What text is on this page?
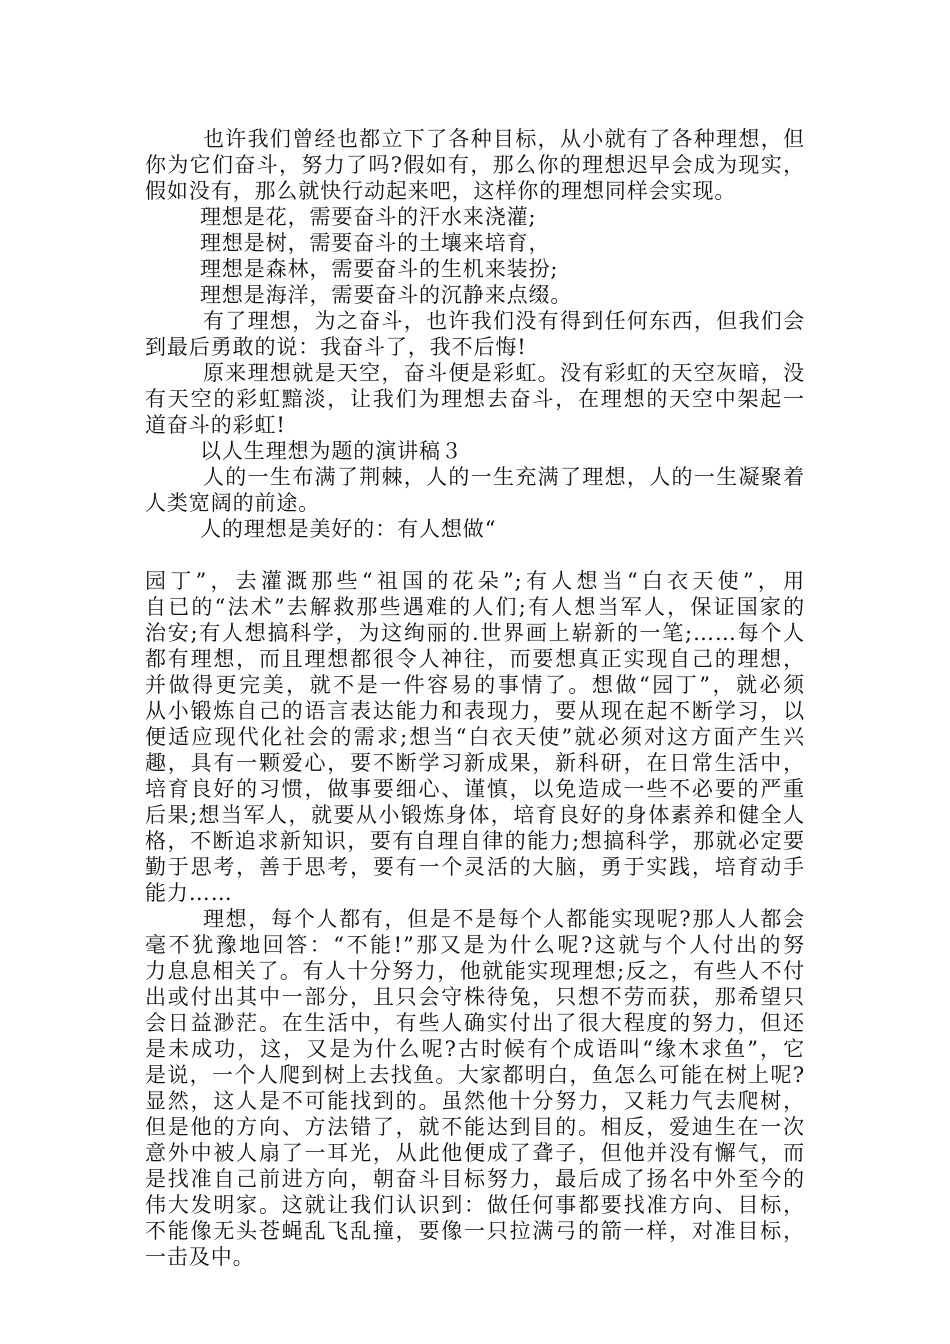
也许我们曾经也都立下了各种目标，从小就有了各种理想，但
你为它们奋斗，努力了吗?假如有，那么你的理想迟早会成为现实，
假如没有，那么就快行动起来吧，这样你的理想同样会实现。
理想是花，需要奋斗的汗水来浇灌;
理想是树，需要奋斗的土壤来培育，
理想是森林，需要奋斗的生机来装扮;
理想是海洋，需要奋斗的沉静来点缀。
有了理想，为之奋斗，也许我们没有得到任何东西，但我们会
到最后勇敢的说：我奋斗了，我不后悔!
原来理想就是天空，奋斗便是彩虹。没有彩虹的天空灰暗，没
有天空的彩虹黯淡，让我们为理想去奋斗，在理想的天空中架起一
道奋斗的彩虹!
以人生理想为题的演讲稿３
人的一生布满了荆棘，人的一生充满了理想，人的一生凝聚着
人类宽阔的前途。
人的理想是美好的：有人想做“
园丁”，去灌溉那些“祖国的花朵”;有人想当“白衣天使”，用
自已的“法术”去解救那些遇难的人们;有人想当军人，保证国家的
治安;有人想搞科学，为这绚丽的.世界画上崭新的一笔;……每个人
都有理想，而且理想都很令人神往，而要想真正实现自己的理想，
并做得更完美，就不是一件容易的事情了。想做“园丁”，就必须
从小锻炼自己的语言表达能力和表现力，要从现在起不断学习，以
便适应现代化社会的需求;想当“白衣天使”就必须对这方面产生兴
趣，具有一颗爱心，要不断学习新成果，新科研，在日常生活中，
培育良好的习惯，做事要细心、谨慎，以免造成一些不必要的严重
后果;想当军人，就要从小锻炼身体，培育良好的身体素养和健全人
格，不断追求新知识，要有自理自律的能力;想搞科学，那就必定要
勤于思考，善于思考，要有一个灵活的大脑，勇于实践，培育动手
能力……
理想，每个人都有，但是不是每个人都能实现呢?那人人都会
毫不犹豫地回答：“不能!”那又是为什么呢?这就与个人付出的努
力息息相关了。有人十分努力，他就能实现理想;反之，有些人不付
出或付出其中一部分，且只会守株待兔，只想不劳而获，那希望只
会日益渺茫。在生活中，有些人确实付出了很大程度的努力，但还
是未成功，这，又是为什么呢?古时候有个成语叫“缘木求鱼”，它
是说，一个人爬到树上去找鱼。大家都明白，鱼怎么可能在树上呢?
显然，这人是不可能找到的。虽然他十分努力，又耗力气去爬树，
但是他的方向、方法错了，就不能达到目的。相反，爱迪生在一次
意外中被人扇了一耳光，从此他便成了聋子，但他并没有懈气，而
是找准自己前进方向，朝奋斗目标努力，最后成了扬名中外至今的
伟大发明家。这就让我们认识到：做任何事都要找准方向、目标，
不能像无头苍蝇乱飞乱撞，要像一只拉满弓的箭一样，对准目标，
一击及中。
